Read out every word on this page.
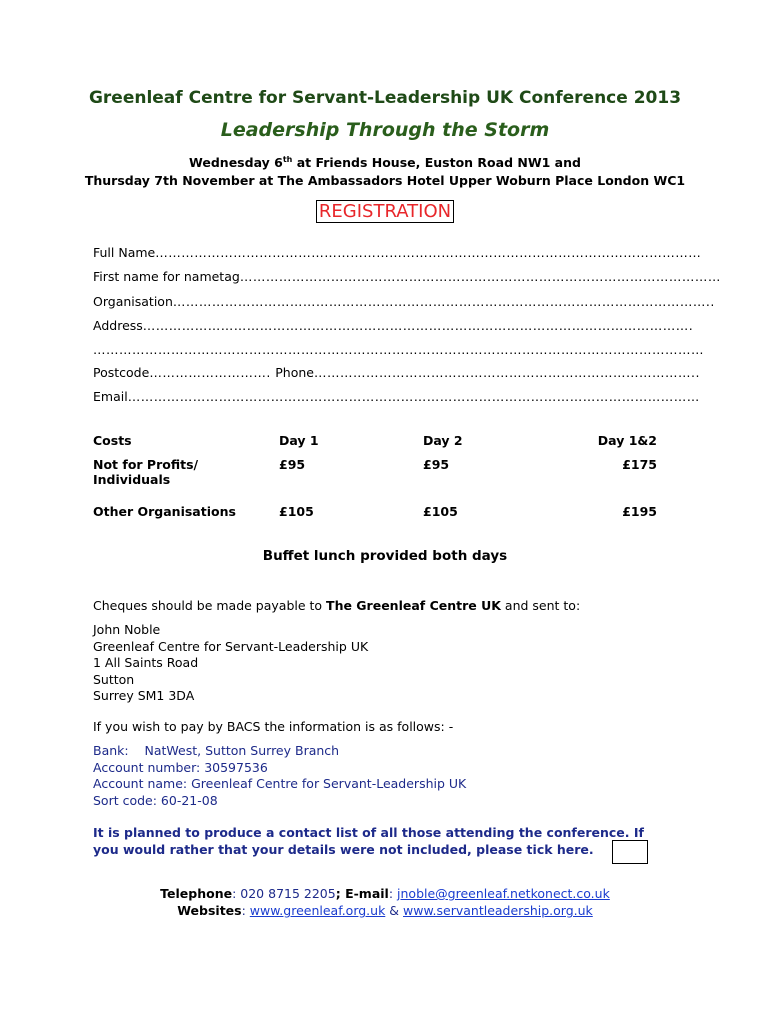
Greenleaf Centre for Servant-Leadership UK Conference 2013
Leadership Through the Storm
Wednesday 6th at Friends House, Euston Road NW1 and
Thursday 7th November at The Ambassadors Hotel Upper Woburn Place London WC1
REGISTRATION
Full Name………………………………………………………………………………………………………………
First name for nametag…………………………………………………………………………………………………
Organisation……………………………………………………………………………………………………………..
Address……………………………………………………………………………………………………………….
……………………………………………………………………………………………………………………………
Postcode………………………. Phone……………………………………………………………………………..
Email……………………………………………………………………………………………………………………
Costs	Day 1	Day 2	Day 1&2
Not for Profits/
Individuals	£95	£95	£175
Other Organisations	£105	£105	£195
Buffet lunch provided both days
Cheques should be made payable to The Greenleaf Centre UK and sent to:
John Noble
Greenleaf Centre for Servant-Leadership UK
1 All Saints Road
Sutton
Surrey SM1 3DA
If you wish to pay by BACS the information is as follows: -
Bank:    NatWest, Sutton Surrey Branch
Account number: 30597536
Account name: Greenleaf Centre for Servant-Leadership UK
Sort code: 60-21-08
It is planned to produce a contact list of all those attending the conference. If
you would rather that your details were not included, please tick here.
Telephone: 020 8715 2205; E-mail: jnoble@greenleaf.netkonect.co.uk
Websites: www.greenleaf.org.uk & www.servantleadership.org.uk
